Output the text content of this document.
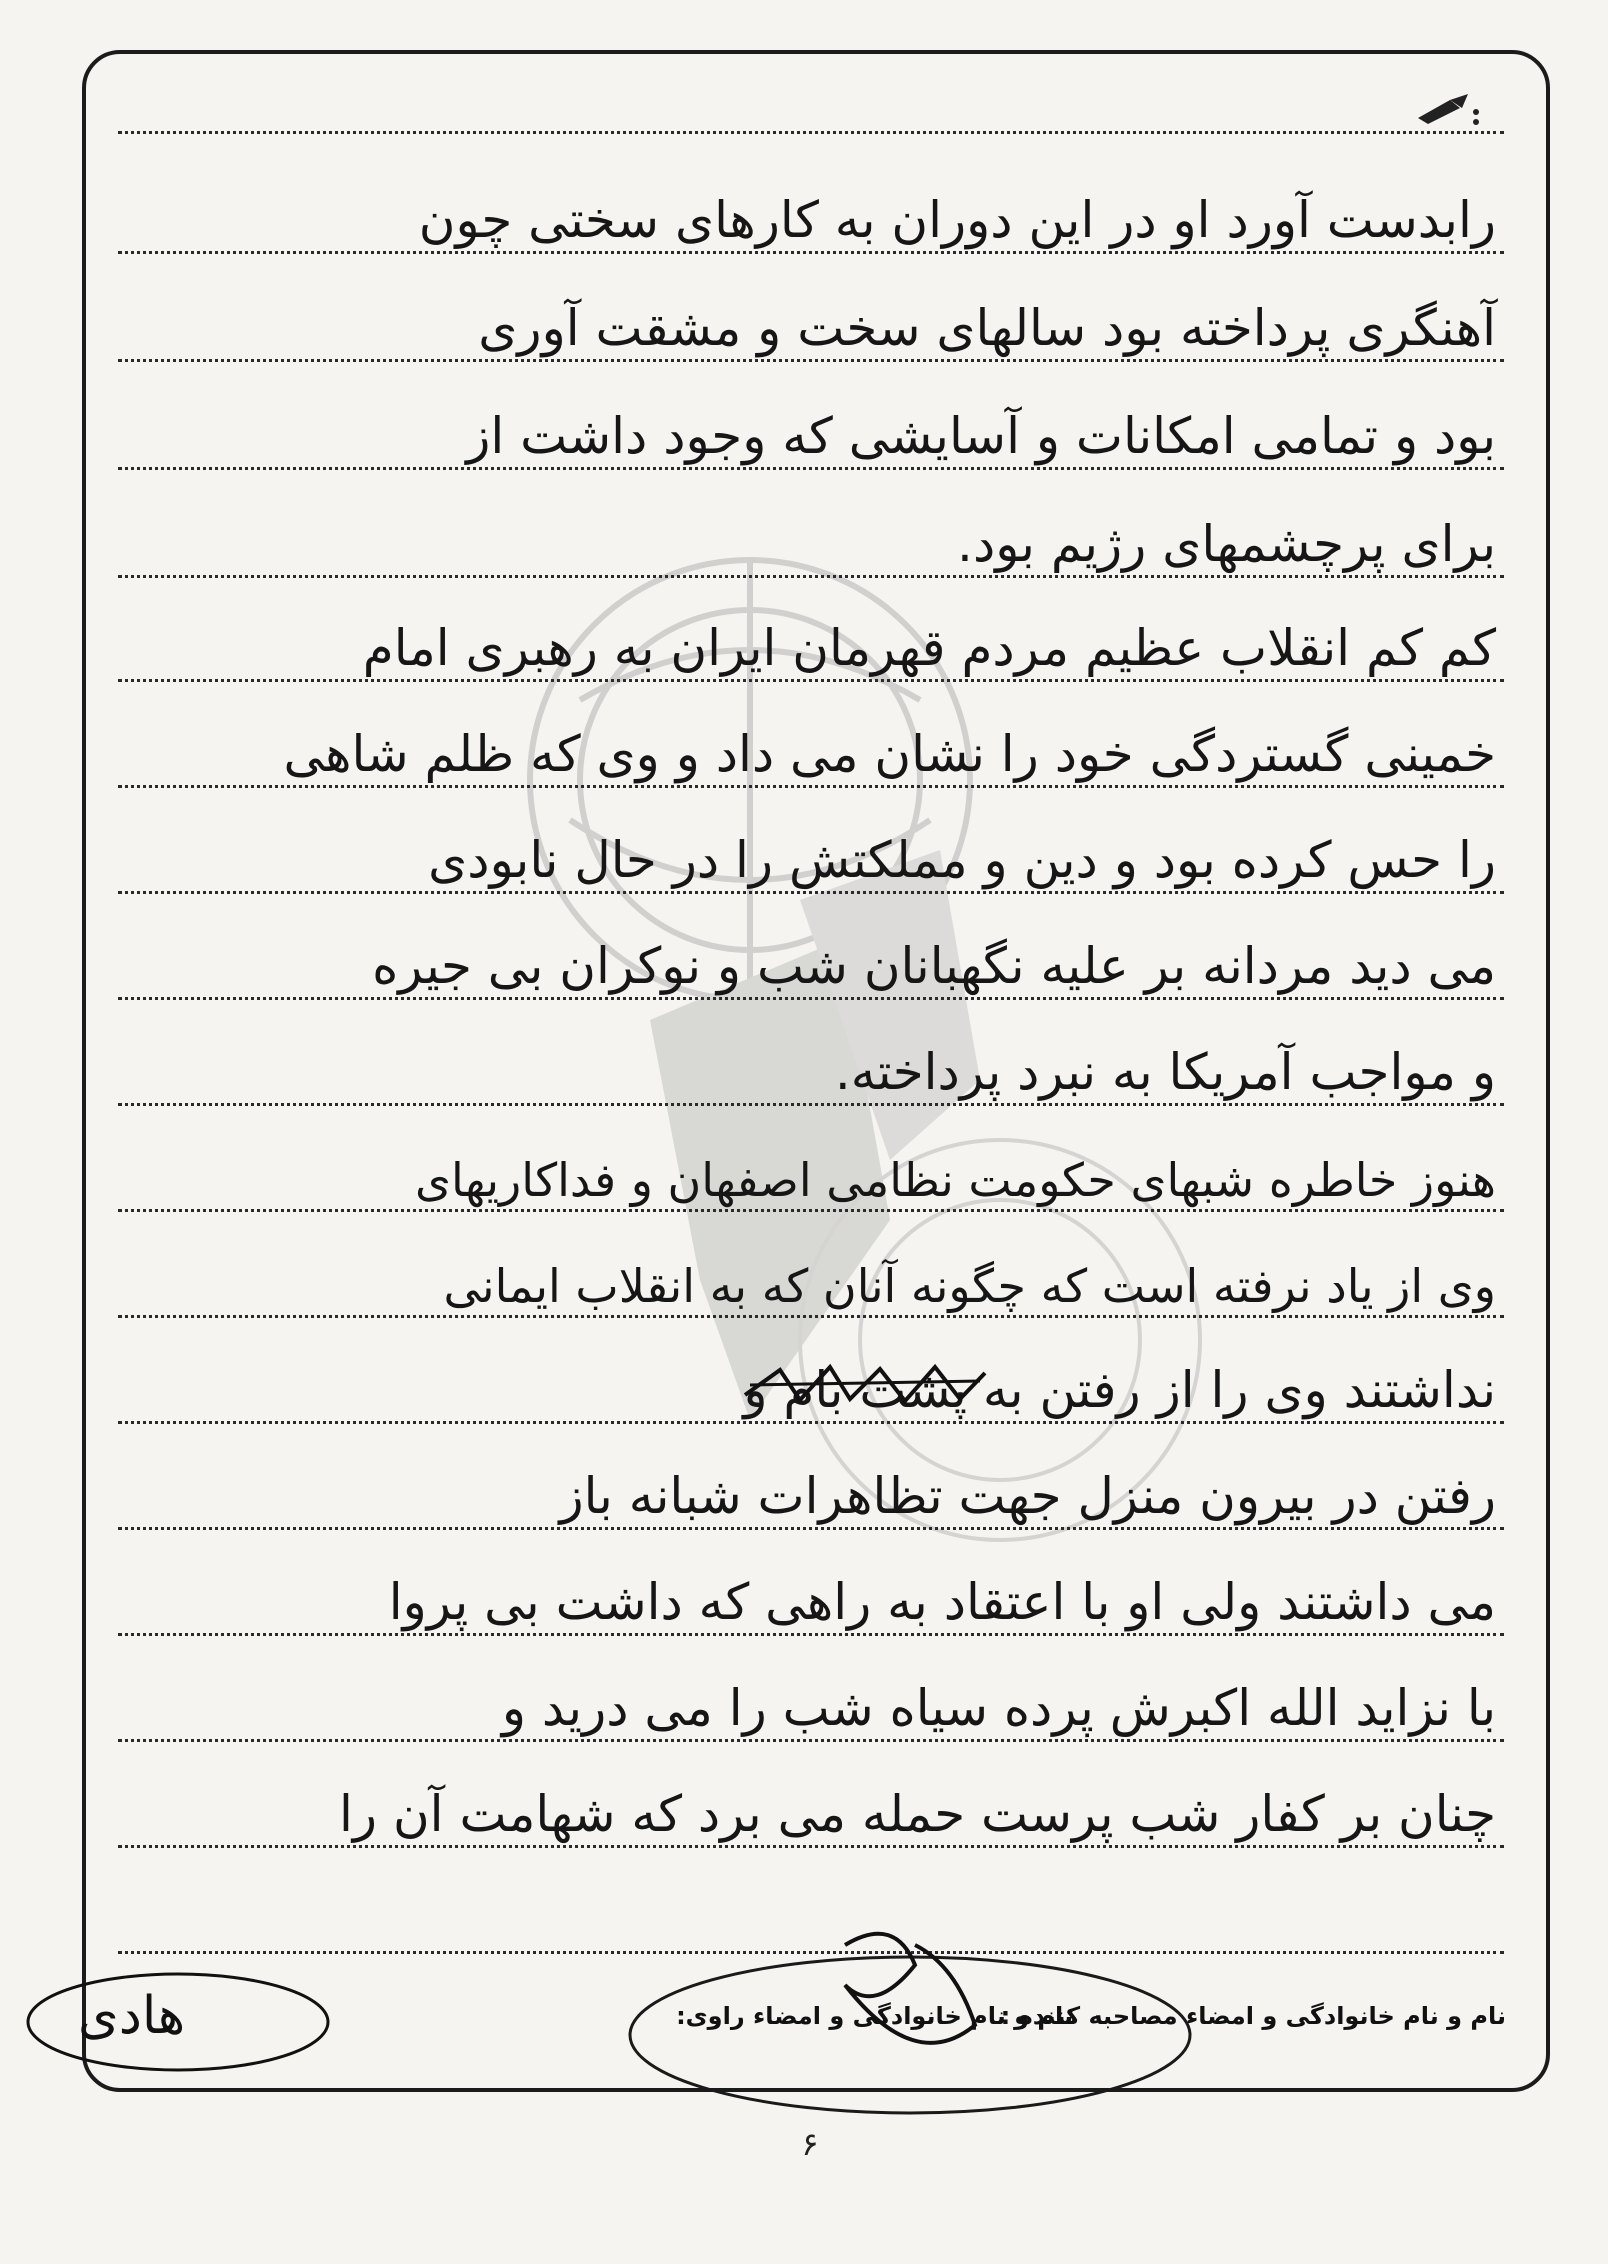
رابدست آورد او در این دوران به کارهای سختی چون
آهنگری پرداخته بود سالهای سخت و مشقت آوری
بود و تمامی امکانات و آسایشی که وجود داشت از
برای پرچشمهای رژیم بود.
کم کم انقلاب عظیم مردم قهرمان ایران به رهبری امام
خمینی گستردگی خود را نشان می داد و وی که ظلم شاهی
را حس کرده بود و دین و مملکتش را در حال نابودی
می دید مردانه بر علیه نگهبانان شب و نوکران بی جیره
و مواجب آمریکا به نبرد پرداخته.
هنوز خاطره شبهای حکومت نظامی اصفهان و فداکاریهای
وی از یاد نرفته است که چگونه آنان که به انقلاب ایمانی
نداشتند وی را از رفتن به پشت بام و
رفتن در بیرون منزل جهت تظاهرات شبانه باز
می داشتند ولی او با اعتقاد به راهی که داشت بی پروا
با نزاید الله اکبرش پرده سیاه شب را می درید و
چنان بر کفار شب پرست حمله می برد که شهامت آن را
هادی	نام و نام خانوادگی و امضاء مصاحبه کننده :
نام و نام خانوادگی و امضاء راوی:
۶
